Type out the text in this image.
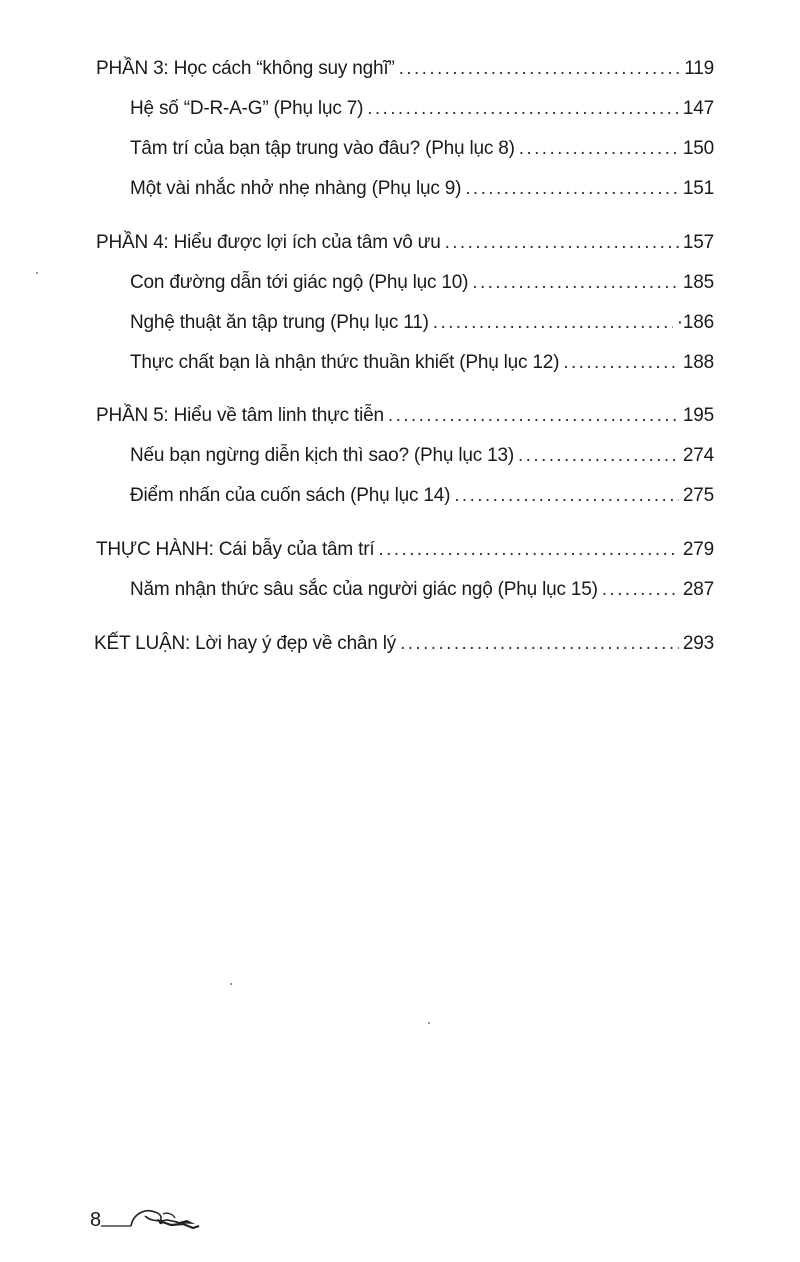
PHẦN 3: Học cách “không suy nghĩ” .....	119
Hệ số “D-R-A-G” (Phụ lục 7) .....	147
Tâm trí của bạn tập trung vào đâu? (Phụ lục 8) .....	150
Một vài nhắc nhở nhẹ nhàng (Phụ lục 9) .....	151
PHẦN 4: Hiểu được lợi ích của tâm vô ưu .....	157
Con đường dẫn tới giác ngộ (Phụ lục 10) .....	185
Nghệ thuật ăn tập trung (Phụ lục 11) .....	·186
Thực chất bạn là nhận thức thuần khiết (Phụ lục 12) .....	188
PHẦN 5: Hiểu về tâm linh thực tiễn .....	195
Nếu bạn ngừng diễn kịch thì sao? (Phụ lục 13) .....	274
Điểm nhấn của cuốn sách (Phụ lục 14) .....	275
THỰC HÀNH: Cái bẫy của tâm trí .....	279
Năm nhận thức sâu sắc của người giác ngộ (Phụ lục 15) .....	287
KẾT LUẬN: Lời hay ý đẹp về chân lý .....	293
8
